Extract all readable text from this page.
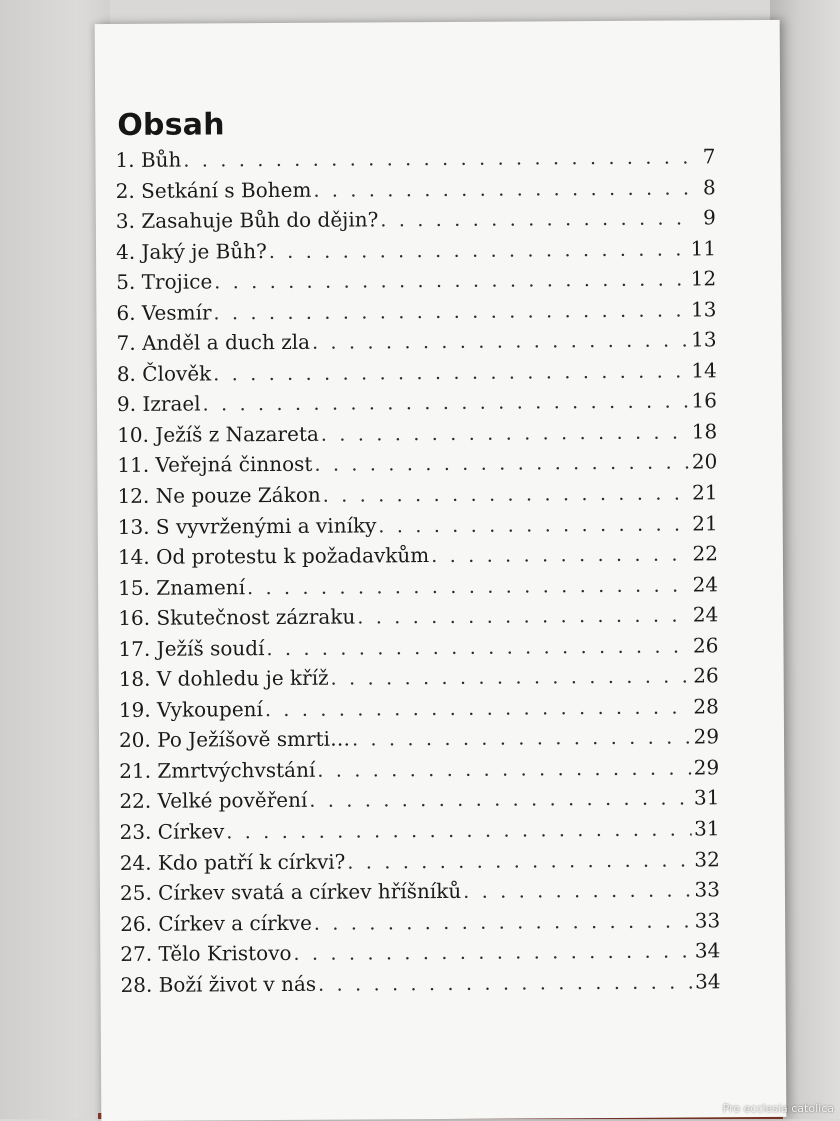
Obsah
1. Bůh . . .	7
2. Setkání s Bohem . . .	8
3. Zasahuje Bůh do dějin? . . .	9
4. Jaký je Bůh? . . .	11
5. Trojice . . .	12
6. Vesmír . . .	13
7. Anděl a duch zla . . .	13
8. Člověk . . .	14
9. Izrael . . .	16
10. Ježíš z Nazareta . . .	18
11. Veřejná činnost . . .	20
12. Ne pouze Zákon . . .	21
13. S vyvrženými a viníky . . .	21
14. Od protestu k požadavkům . . .	22
15. Znamení . . .	24
16. Skutečnost zázraku . . .	24
17. Ježíš soudí . . .	26
18. V dohledu je kříž . . .	26
19. Vykoupení . . .	28
20. Po Ježíšově smrti… . . .	29
21. Zmrtvýchvstání . . .	29
22. Velké pověření . . .	31
23. Církev . . .	31
24. Kdo patří k církvi? . . .	32
25. Církev svatá a církev hříšníků . . .	33
26. Církev a církve . . .	33
27. Tělo Kristovo . . .	34
28. Boží život v nás . . .	34
Pro ecclesia catolica
